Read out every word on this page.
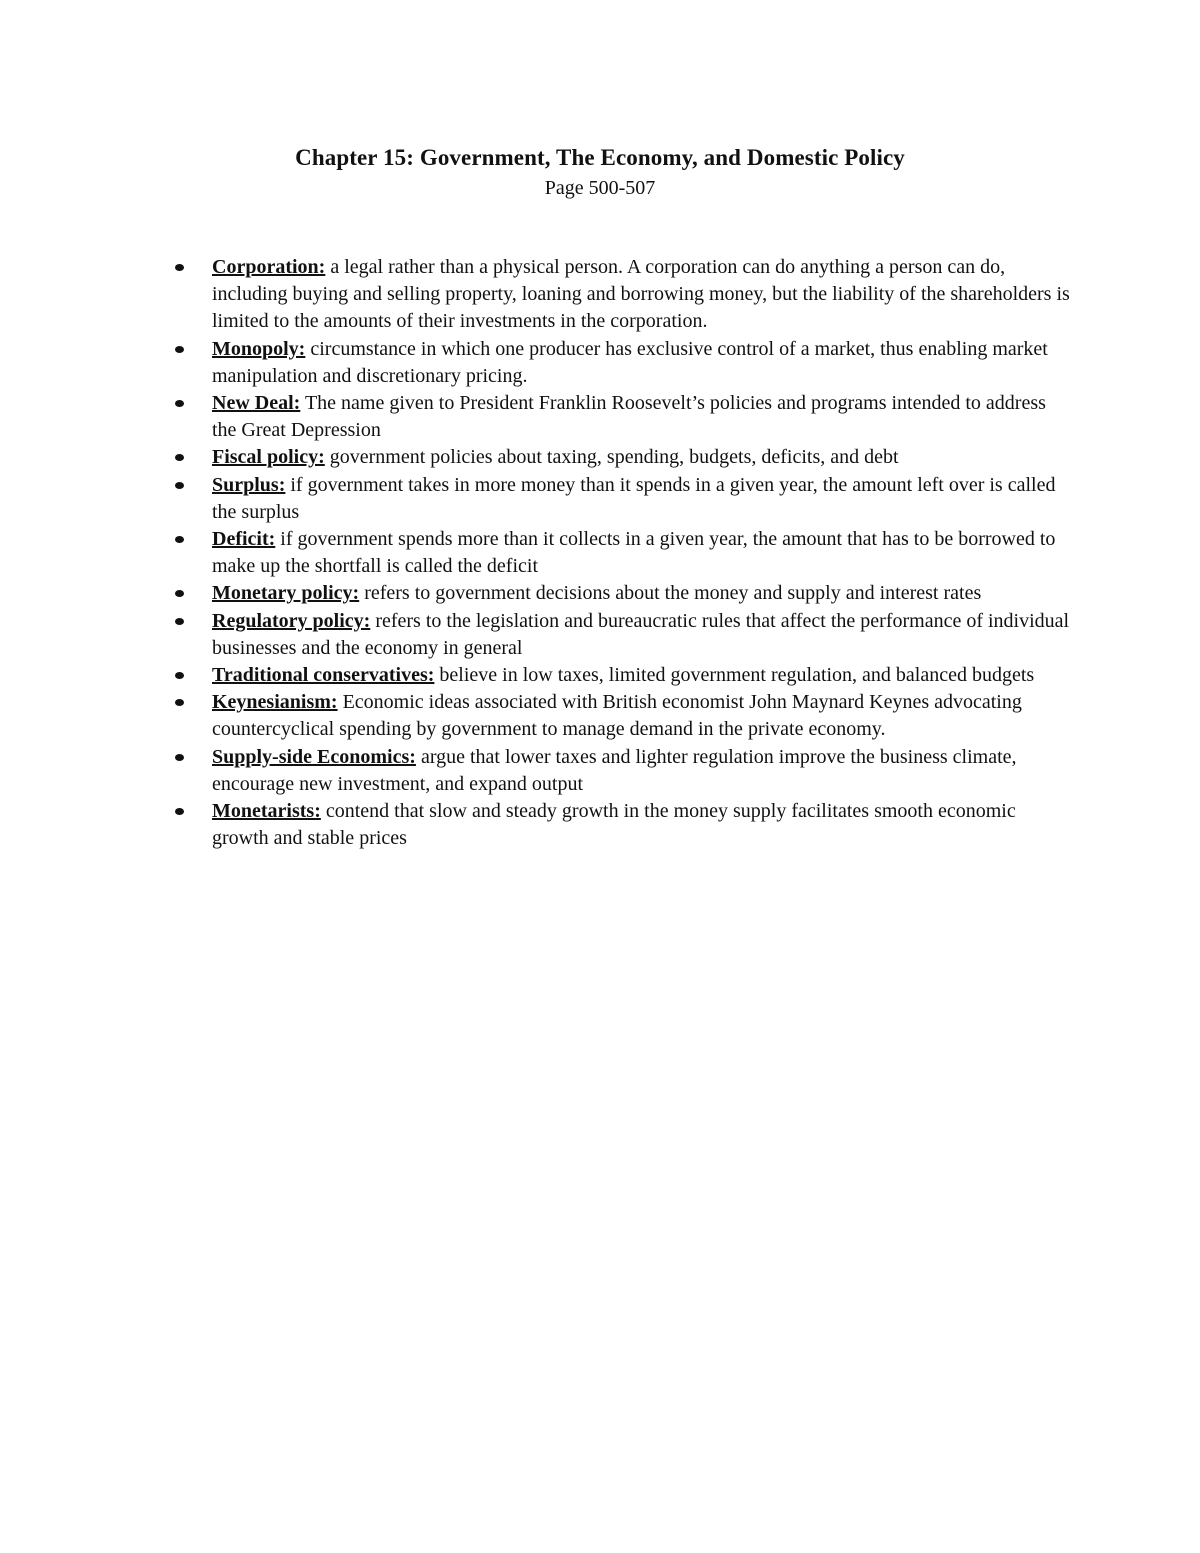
Chapter 15: Government, The Economy, and Domestic Policy

Page 500-507

Corporation: a legal rather than a physical person. A corporation can do anything a person can do, including buying and selling property, loaning and borrowing money, but the liability of the shareholders is limited to the amounts of their investments in the corporation.
Monopoly: circumstance in which one producer has exclusive control of a market, thus enabling market manipulation and discretionary pricing.
New Deal: The name given to President Franklin Roosevelt’s policies and programs intended to address the Great Depression
Fiscal policy: government policies about taxing, spending, budgets, deficits, and debt
Surplus: if government takes in more money than it spends in a given year, the amount left over is called the surplus
Deficit: if government spends more than it collects in a given year, the amount that has to be borrowed to make up the shortfall is called the deficit
Monetary policy: refers to government decisions about the money and supply and interest rates
Regulatory policy: refers to the legislation and bureaucratic rules that affect the performance of individual businesses and the economy in general
Traditional conservatives: believe in low taxes, limited government regulation, and balanced budgets
Keynesianism: Economic ideas associated with British economist John Maynard Keynes advocating countercyclical spending by government to manage demand in the private economy.
Supply-side Economics: argue that lower taxes and lighter regulation improve the business climate, encourage new investment, and expand output
Monetarists: contend that slow and steady growth in the money supply facilitates smooth economic growth and stable prices
